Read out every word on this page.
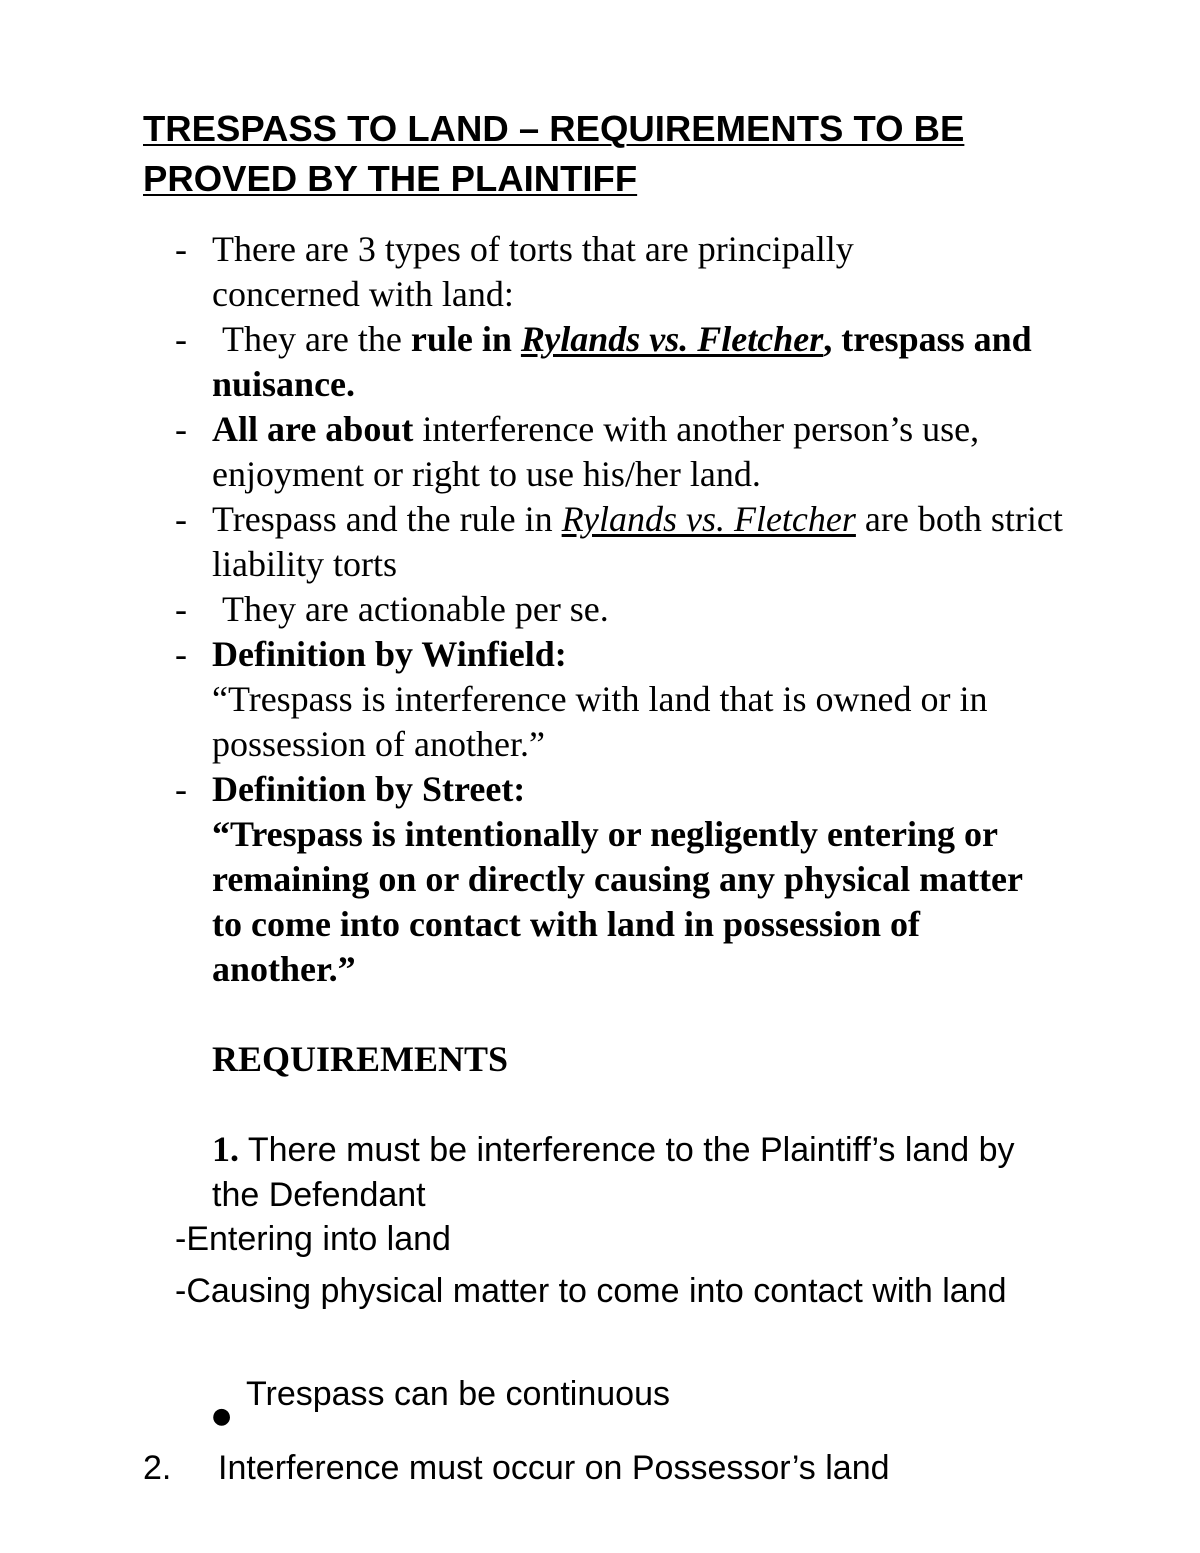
TRESPASS TO LAND – REQUIREMENTS TO BE
PROVED BY THE PLAINTIFF
- There are 3 types of torts that are principally concerned with land:
- They are the rule in Rylands vs. Fletcher, trespass and nuisance.
- All are about interference with another person’s use, enjoyment or right to use his/her land.
- Trespass and the rule in Rylands vs. Fletcher are both strict liability torts
- They are actionable per se.
- Definition by Winfield:
“Trespass is interference with land that is owned or in possession of another.”
- Definition by Street:
“Trespass is intentionally or negligently entering or remaining on or directly causing any physical matter to come into contact with land in possession of another.”
REQUIREMENTS
1. There must be interference to the Plaintiff’s land by the Defendant
-Entering into land
-Causing physical matter to come into contact with land
●
Trespass can be continuous
2.	Interference must occur on Possessor’s land
